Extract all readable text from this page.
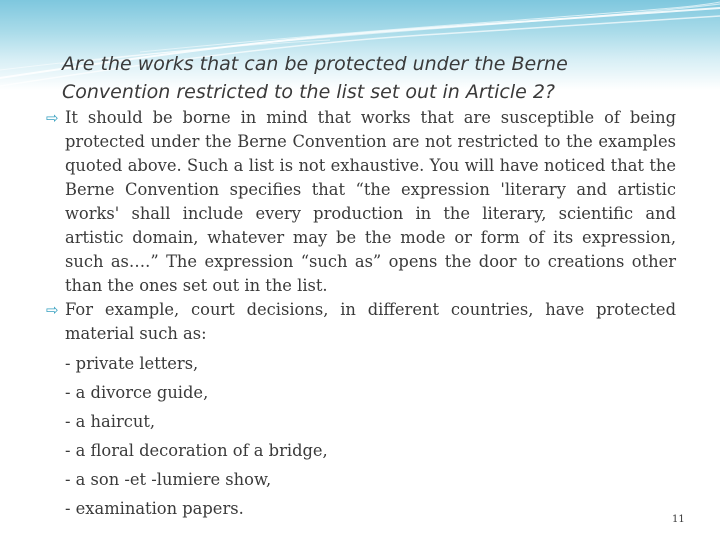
Are the works that can be protected under the Berne
Convention restricted to the list set out in Article 2?
⇨ It should be borne in mind that works that are susceptible of being protected under the Berne Convention are not restricted to the examples quoted above. Such a list is not exhaustive. You will have noticed that the Berne Convention specifies that “the expression 'literary and artistic works' shall include every production in the literary, scientific and artistic domain, whatever may be the mode or form of its expression, such as….” The expression “such as” opens the door to creations other than the ones set out in the list.
⇨ For example, court decisions, in different countries, have protected material such as:
- private letters,
- a divorce guide,
- a haircut,
- a floral decoration of a bridge,
- a son -et -lumiere show,
- examination papers.
11
